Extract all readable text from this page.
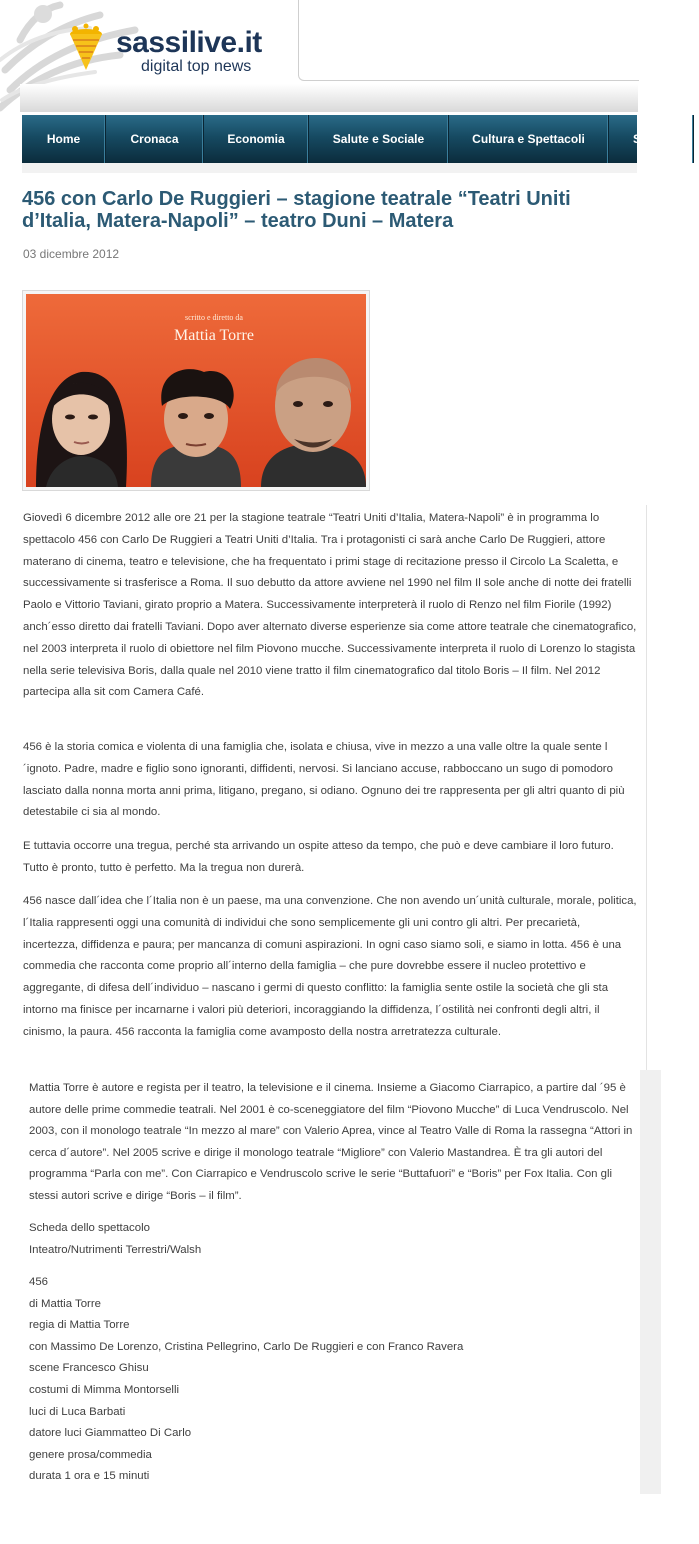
sassilive.it
digital top news
Home	Cronaca	Economia	Salute e Sociale	Cultura e Spettacoli	S
456 con Carlo De Ruggieri – stagione teatrale “Teatri Uniti d’Italia, Matera-Napoli” – teatro Duni – Matera
03 dicembre 2012
scritto e diretto da
Mattia Torre

Giovedì 6 dicembre 2012 alle ore 21 per la stagione teatrale “Teatri Uniti d’Italia, Matera-Napoli” è in programma lo spettacolo 456 con Carlo De Ruggieri a Teatri Uniti d’Italia. Tra i protagonisti ci sarà anche Carlo De Ruggieri, attore materano di cinema, teatro e televisione, che ha frequentato i primi stage di recitazione presso il Circolo La Scaletta, e successivamente si trasferisce a Roma. Il suo debutto da attore avviene nel 1990 nel film Il sole anche di notte dei fratelli Paolo e Vittorio Taviani, girato proprio a Matera. Successivamente interpreterà il ruolo di Renzo nel film Fiorile (1992) anch´esso diretto dai fratelli Taviani. Dopo aver alternato diverse esperienze sia come attore teatrale che cinematografico, nel 2003 interpreta il ruolo di obiettore nel film Piovono mucche. Successivamente interpreta il ruolo di Lorenzo lo stagista nella serie televisiva Boris, dalla quale nel 2010 viene tratto il film cinematografico dal titolo Boris – Il film. Nel 2012 partecipa alla sit com Camera Café.

456 è la storia comica e violenta di una famiglia che, isolata e chiusa, vive in mezzo a una valle oltre la quale sente l´ignoto. Padre, madre e figlio sono ignoranti, diffidenti, nervosi. Si lanciano accuse, rabboccano un sugo di pomodoro lasciato dalla nonna morta anni prima, litigano, pregano, si odiano. Ognuno dei tre rappresenta per gli altri quanto di più detestabile ci sia al mondo.

E tuttavia occorre una tregua, perché sta arrivando un ospite atteso da tempo, che può e deve cambiare il loro futuro. Tutto è pronto, tutto è perfetto. Ma la tregua non durerà.

456 nasce dall´idea che l´Italia non è un paese, ma una convenzione. Che non avendo un´unità culturale, morale, politica, l´Italia rappresenti oggi una comunità di individui che sono semplicemente gli uni contro gli altri. Per precarietà, incertezza, diffidenza e paura; per mancanza di comuni aspirazioni. In ogni caso siamo soli, e siamo in lotta. 456 è una commedia che racconta come proprio all´interno della famiglia – che pure dovrebbe essere il nucleo protettivo e aggregante, di difesa dell´individuo – nascano i germi di questo conflitto: la famiglia sente ostile la società che gli sta intorno ma finisce per incarnarne i valori più deteriori, incoraggiando la diffidenza, l´ostilità nei confronti degli altri, il cinismo, la paura. 456 racconta la famiglia come avamposto della nostra arretratezza culturale.

Mattia Torre è autore e regista per il teatro, la televisione e il cinema. Insieme a Giacomo Ciarrapico, a partire dal ´95 è autore delle prime commedie teatrali. Nel 2001 è co-sceneggiatore del film “Piovono Mucche” di Luca Vendruscolo. Nel 2003, con il monologo teatrale “In mezzo al mare” con Valerio Aprea, vince al Teatro Valle di Roma la rassegna “Attori in cerca d´autore”. Nel 2005 scrive e dirige il monologo teatrale “Migliore” con Valerio Mastandrea. È tra gli autori del programma “Parla con me”. Con Ciarrapico e Vendruscolo scrive le serie “Buttafuori” e “Boris” per Fox Italia. Con gli stessi autori scrive e dirige “Boris – il film”.

Scheda dello spettacolo
Inteatro/Nutrimenti Terrestri/Walsh
456
di Mattia Torre
regia di Mattia Torre
con Massimo De Lorenzo, Cristina Pellegrino, Carlo De Ruggieri e con Franco Ravera
scene Francesco Ghisu
costumi di Mimma Montorselli
luci di Luca Barbati
datore luci Giammatteo Di Carlo
genere prosa/commedia
durata 1 ora e 15 minuti
